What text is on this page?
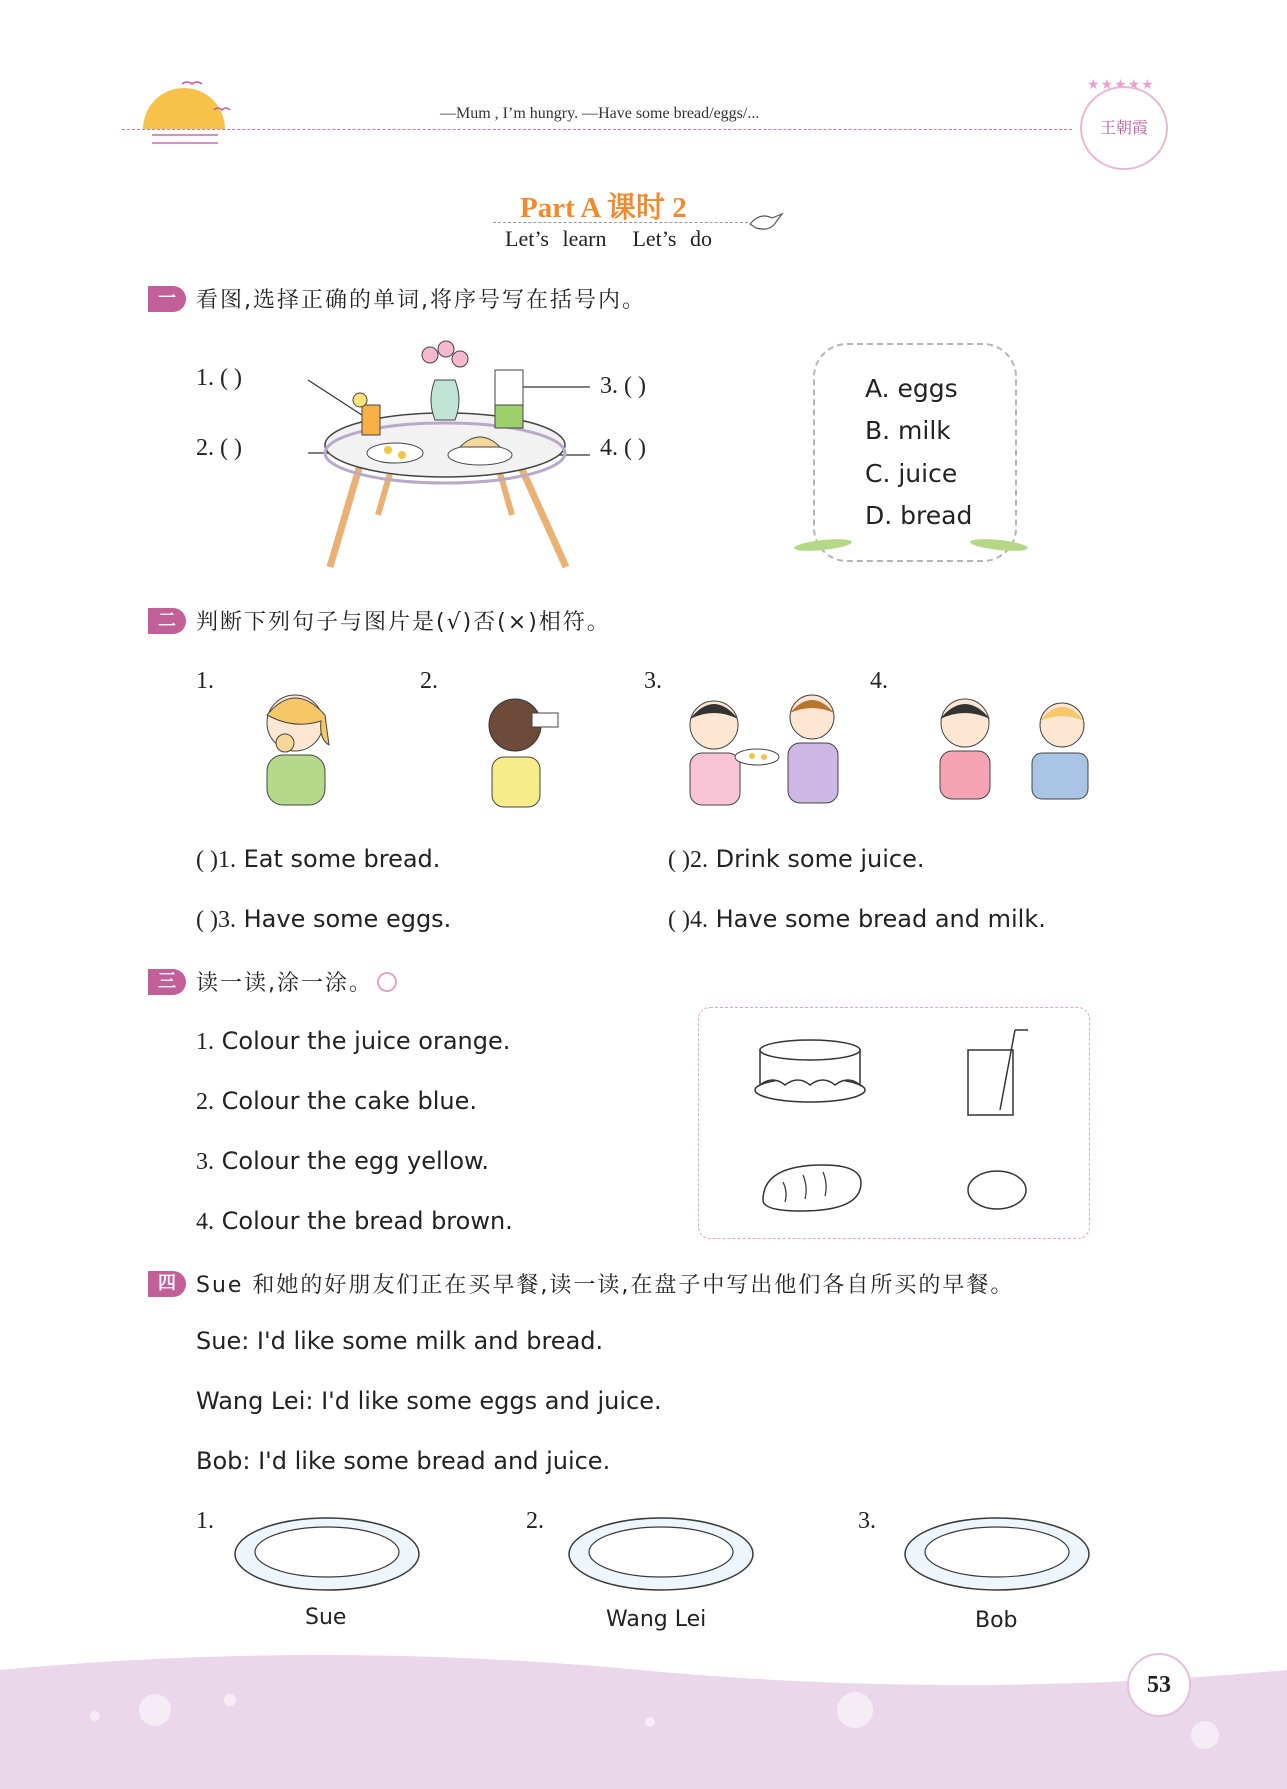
—Mum , I’m hungry. —Have some bread/eggs/...
★★★★★
王朝霞
Part A 课时 2
Let’s learn Let’s do
一 看图,选择正确的单词,将序号写在括号内。
1. ( )
2. ( )
3. ( )
4. ( )
A. eggs
B. milk
C. juice
D. bread
二 判断下列句子与图片是(√)否(×)相符。
1.	2.	3.	4.
( )1. Eat some bread.	( )2. Drink some juice.
( )3. Have some eggs.	( )4. Have some bread and milk.
三 读一读,涂一涂。
1. Colour the juice orange.
2. Colour the cake blue.
3. Colour the egg yellow.
4. Colour the bread brown.
四 Sue 和她的好朋友们正在买早餐,读一读,在盘子中写出他们各自所买的早餐。
Sue: I'd like some milk and bread.
Wang Lei: I'd like some eggs and juice.
Bob: I'd like some bread and juice.
1.	2.	3.
Sue	Wang Lei	Bob
53
